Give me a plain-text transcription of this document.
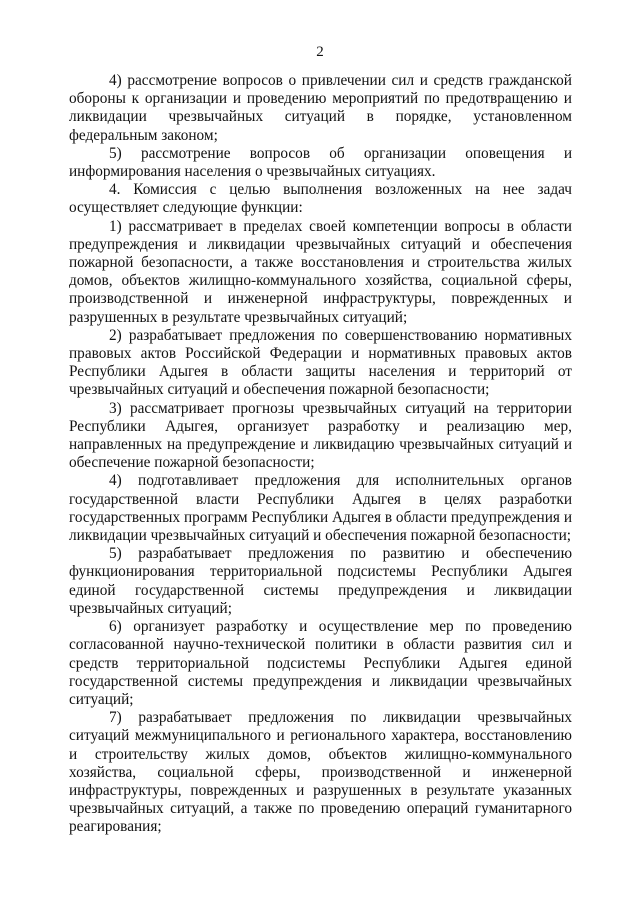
2

4) рассмотрение вопросов о привлечении сил и средств гражданской обороны к организации и проведению мероприятий по предотвращению и ликвидации чрезвычайных ситуаций в порядке, установленном федеральным законом;

5) рассмотрение вопросов об организации оповещения и информирования населения о чрезвычайных ситуациях.

4. Комиссия с целью выполнения возложенных на нее задач осуществляет следующие функции:

1) рассматривает в пределах своей компетенции вопросы в области предупреждения и ликвидации чрезвычайных ситуаций и обеспечения пожарной безопасности, а также восстановления и строительства жилых домов, объектов жилищно-коммунального хозяйства, социальной сферы, производственной и инженерной инфраструктуры, поврежденных и разрушенных в результате чрезвычайных ситуаций;

2) разрабатывает предложения по совершенствованию нормативных правовых актов Российской Федерации и нормативных правовых актов Республики Адыгея в области защиты населения и территорий от чрезвычайных ситуаций и обеспечения пожарной безопасности;

3) рассматривает прогнозы чрезвычайных ситуаций на территории Республики Адыгея, организует разработку и реализацию мер, направленных на предупреждение и ликвидацию чрезвычайных ситуаций и обеспечение пожарной безопасности;

4) подготавливает предложения для исполнительных органов государственной власти Республики Адыгея в целях разработки государственных программ Республики Адыгея в области предупреждения и ликвидации чрезвычайных ситуаций и обеспечения пожарной безопасности;

5) разрабатывает предложения по развитию и обеспечению функционирования территориальной подсистемы Республики Адыгея единой государственной системы предупреждения и ликвидации чрезвычайных ситуаций;

6) организует разработку и осуществление мер по проведению согласованной научно-технической политики в области развития сил и средств территориальной подсистемы Республики Адыгея единой государственной системы предупреждения и ликвидации чрезвычайных ситуаций;

7) разрабатывает предложения по ликвидации чрезвычайных ситуаций межмуниципального и регионального характера, восстановлению и строительству жилых домов, объектов жилищно-коммунального хозяйства, социальной сферы, производственной и инженерной инфраструктуры, поврежденных и разрушенных в результате указанных чрезвычайных ситуаций, а также по проведению операций гуманитарного реагирования;
